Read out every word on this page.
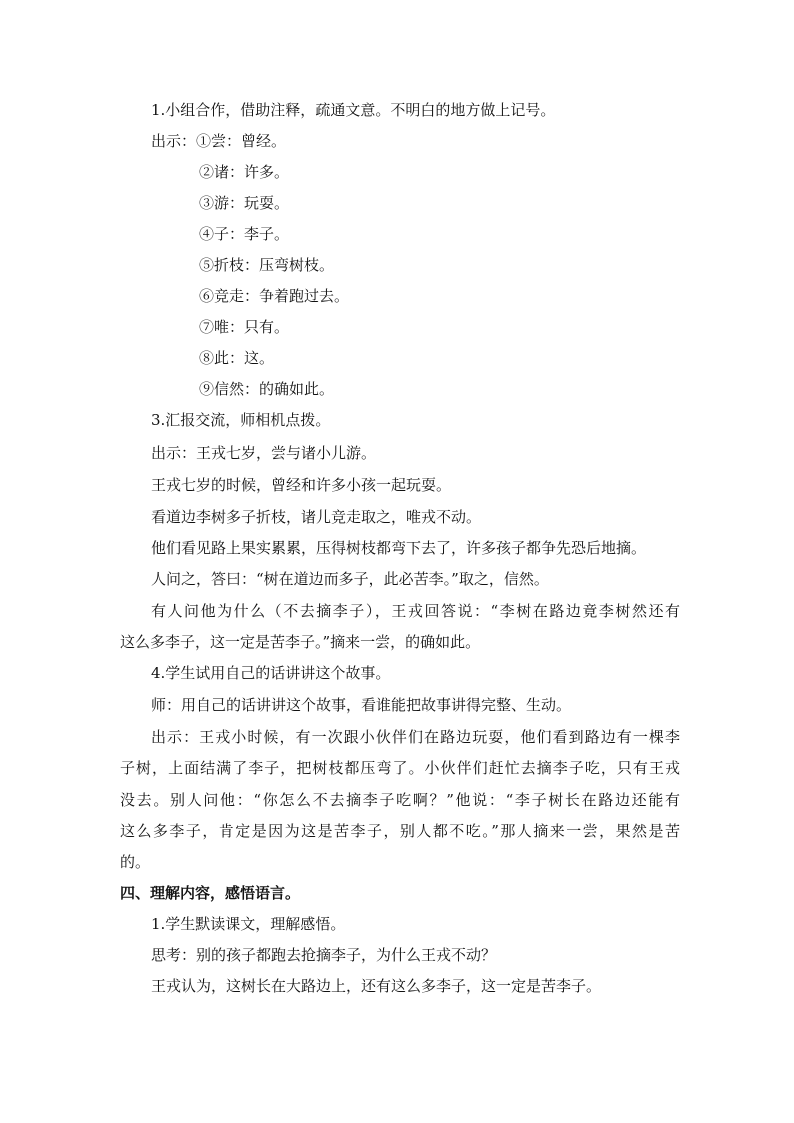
1.小组合作，借助注释，疏通文意。不明白的地方做上记号。
出示：①尝：曾经。
②诸：许多。
③游：玩耍。
④子：李子。
⑤折枝：压弯树枝。
⑥竞走：争着跑过去。
⑦唯：只有。
⑧此：这。
⑨信然：的确如此。
3.汇报交流，师相机点拨。
出示：王戎七岁，尝与诸小儿游。
王戎七岁的时候，曾经和许多小孩一起玩耍。
看道边李树多子折枝，诸儿竞走取之，唯戎不动。
他们看见路上果实累累，压得树枝都弯下去了，许多孩子都争先恐后地摘。
人问之，答曰：“树在道边而多子，此必苦李。”取之，信然。
有人问他为什么（不去摘李子），王戎回答说：“李树在路边竟李树然还有
这么多李子，这一定是苦李子。”摘来一尝，的确如此。
4.学生试用自己的话讲讲这个故事。
师：用自己的话讲讲这个故事，看谁能把故事讲得完整、生动。
出示：王戎小时候，有一次跟小伙伴们在路边玩耍，他们看到路边有一棵李
子树，上面结满了李子，把树枝都压弯了。小伙伴们赶忙去摘李子吃，只有王戎
没去。别人问他：“你怎么不去摘李子吃啊？”他说：“李子树长在路边还能有
这么多李子，肯定是因为这是苦李子，别人都不吃。”那人摘来一尝，果然是苦
的。
四、理解内容，感悟语言。
1.学生默读课文，理解感悟。
思考：别的孩子都跑去抢摘李子，为什么王戎不动？
王戎认为，这树长在大路边上，还有这么多李子，这一定是苦李子。
